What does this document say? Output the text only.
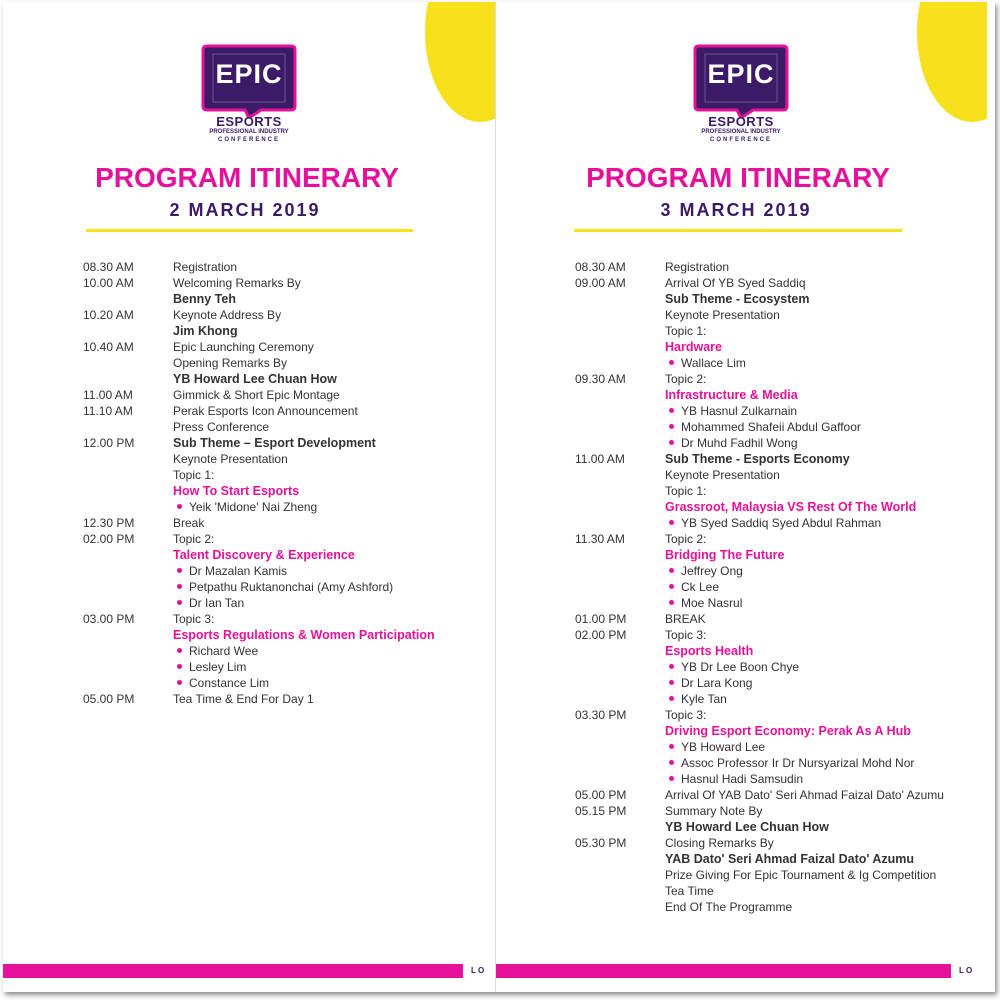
EPIC
ESPORTS
PROFESSIONAL INDUSTRY
CONFERENCE
PROGRAM ITINERARY
2 MARCH 2019
08.30 AM	Registration
10.00 AM	Welcoming Remarks By
Benny Teh
10.20 AM	Keynote Address By
Jim Khong
10.40 AM	Epic Launching Ceremony
Opening Remarks By
YB Howard Lee Chuan How
11.00 AM	Gimmick & Short Epic Montage
11.10 AM	Perak Esports Icon Announcement
Press Conference
12.00 PM	Sub Theme – Esport Development
Keynote Presentation
Topic 1:
How To Start Esports
Yeik 'Midone' Nai Zheng
12.30 PM	Break
02.00 PM	Topic 2:
Talent Discovery & Experience
Dr Mazalan Kamis
Petpathu Ruktanonchai (Amy Ashford)
Dr Ian Tan
03.00 PM	Topic 3:
Esports Regulations & Women Participation
Richard Wee
Lesley Lim
Constance Lim
05.00 PM	Tea Time & End For Day 1
L O
EPIC
ESPORTS
PROFESSIONAL INDUSTRY
CONFERENCE
PROGRAM ITINERARY
3 MARCH 2019
08.30 AM	Registration
09.00 AM	Arrival Of YB Syed Saddiq
Sub Theme - Ecosystem
Keynote Presentation
Topic 1:
Hardware
Wallace Lim
09.30 AM	Topic 2:
Infrastructure & Media
YB Hasnul Zulkarnain
Mohammed Shafeii Abdul Gaffoor
Dr Muhd Fadhil Wong
11.00 AM	Sub Theme - Esports Economy
Keynote Presentation
Topic 1:
Grassroot, Malaysia VS Rest Of The World
YB Syed Saddiq Syed Abdul Rahman
11.30 AM	Topic 2:
Bridging The Future
Jeffrey Ong
Ck Lee
Moe Nasrul
01.00 PM	BREAK
02.00 PM	Topic 3:
Esports Health
YB Dr Lee Boon Chye
Dr Lara Kong
Kyle Tan
03.30 PM	Topic 3:
Driving Esport Economy: Perak As A Hub
YB Howard Lee
Assoc Professor Ir Dr Nursyarizal Mohd Nor
Hasnul Hadi Samsudin
05.00 PM	Arrival Of YAB Dato' Seri Ahmad Faizal Dato' Azumu
05.15 PM	Summary Note By
YB Howard Lee Chuan How
05.30 PM	Closing Remarks By
YAB Dato' Seri Ahmad Faizal Dato' Azumu
Prize Giving For Epic Tournament & Ig Competition
Tea Time
End Of The Programme
L O
